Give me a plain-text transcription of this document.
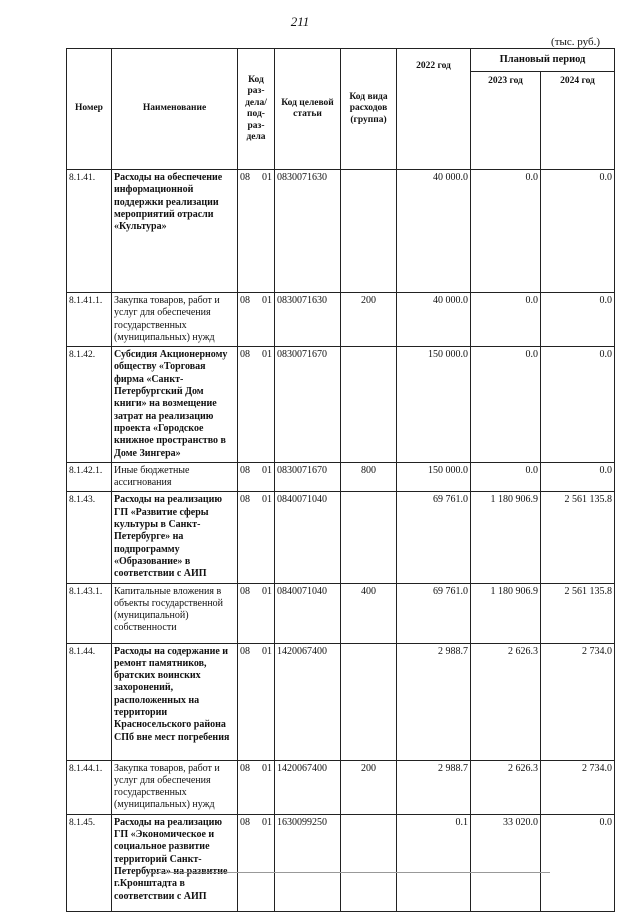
211
(тыс. руб.)
Номер	Наименование	Код раз-дела/ под-раз-дела	Код целевой статьи	Код вида расходов (группа)	2022 год	Плановый период	
						2023 год	2024 год
8.1.41.	Расходы на обеспечение информационной поддержки реализации мероприятий отрасли «Культура»	08 01	0830071630		40 000.0	0.0	0.0
8.1.41.1.	Закупка товаров, работ и услуг для обеспечения государственных (муниципальных) нужд	08 01	0830071630	200	40 000.0	0.0	0.0
8.1.42.	Субсидия Акционерному обществу «Торговая фирма «Санкт-Петербургский Дом книги» на возмещение затрат на реализацию проекта «Городское книжное пространство в Доме Зингера»	08 01	0830071670		150 000.0	0.0	0.0
8.1.42.1.	Иные бюджетные ассигнования	08 01	0830071670	800	150 000.0	0.0	0.0
8.1.43.	Расходы на реализацию ГП «Развитие сферы культуры в Санкт-Петербурге» на подпрограмму «Образование» в соответствии с АИП	08 01	0840071040		69 761.0	1 180 906.9	2 561 135.8
8.1.43.1.	Капитальные вложения в объекты государственной (муниципальной) собственности	08 01	0840071040	400	69 761.0	1 180 906.9	2 561 135.8
8.1.44.	Расходы на содержание и ремонт памятников, братских воинских захоронений, расположенных на территории Красносельского района СПб вне мест погребения	08 01	1420067400		2 988.7	2 626.3	2 734.0
8.1.44.1.	Закупка товаров, работ и услуг для обеспечения государственных (муниципальных) нужд	08 01	1420067400	200	2 988.7	2 626.3	2 734.0
8.1.45.	Расходы на реализацию ГП «Экономическое и социальное развитие территорий Санкт-Петербурга» на развитие г.Кронштадта в соответствии с АИП	08 01	1630099250		0.1	33 020.0	0.0
